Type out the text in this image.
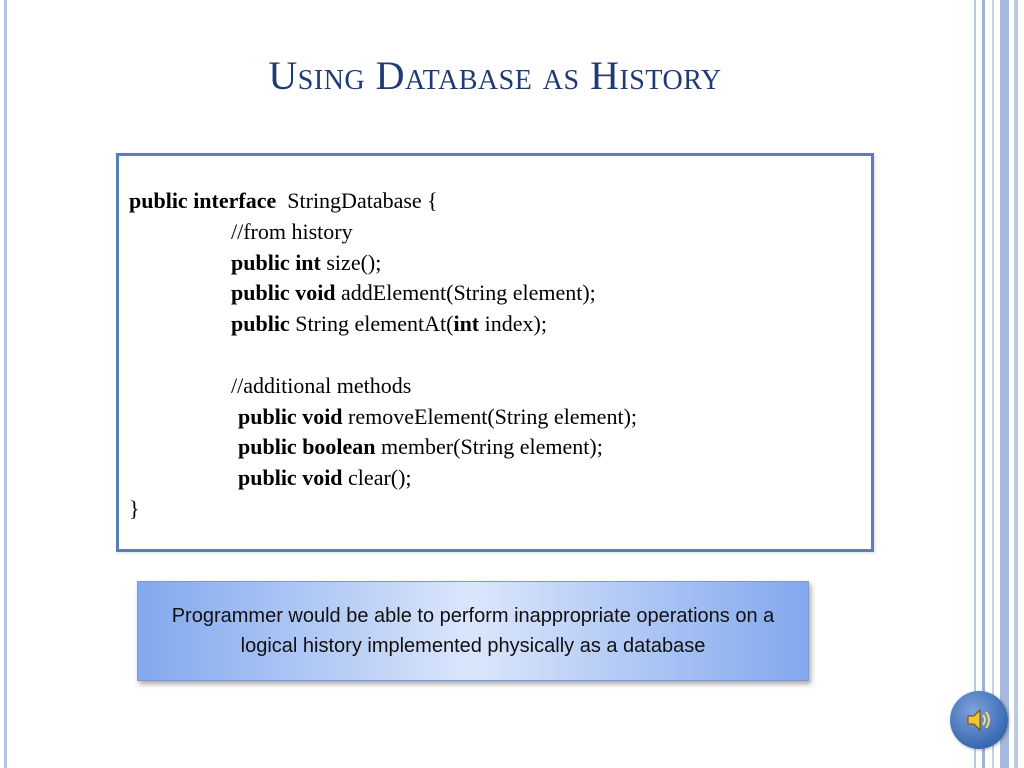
Using Database as History
public interface  StringDatabase {
//from history
public int size();
public void addElement(String element);
public String elementAt(int index);
//additional methods
public void removeElement(String element);
public boolean member(String element);
public void clear();
}
Programmer would be able to perform inappropriate operations on a logical history implemented physically as a database
